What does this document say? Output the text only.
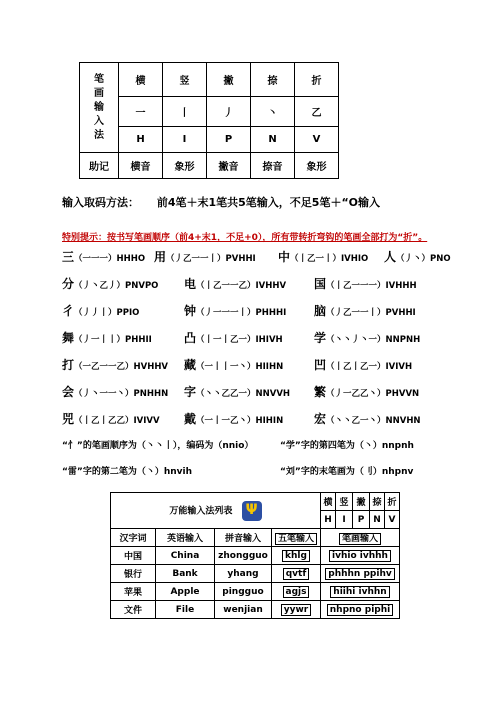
笔
画
输
入
法	横	竖	撇	捺	折
	一	丨	丿	丶	乙
	H	I	P	N	V
助记	横音	象形	撇音	捺音	象形
输入取码方法： 前4笔＋末1笔共5笔输入，不足5笔＋“O输入
特别提示：按书写笔画顺序（前4+末1，不足+0），所有带转折弯钩的笔画全部打为“折”。
三（一一一）HHHO 用（丿乙一一丨）PVHHI 中（丨乙一丨）IVHIO 人（丿丶）PNO
分（丿丶乙丿）PNVPO 电（丨乙一一乙）IVHHV 国（丨乙一一一）IVHHH
彳（丿丿丨）PPIO	钟（丿一一一丨）PHHHI 脑（丿乙一一丨）PVHHI
舞（丿一丨丨）PHHII	凸（丨一丨乙一）IHIVH	学（丶丶丿丶一）NNPNH
打（一乙一一乙）HVHHV 藏（一丨丨一丶）HIIHN	凹（丨乙丨乙一）IVIVH
会（丿丶一一丶）PNHHN 字（丶丶乙乙一）NNVVH 繁（丿一乙乙丶）PHVVN
兕（丨乙丨乙乙）IVIVV 戴（一丨一乙丶）HIHIN	宏（丶丶乙一丶）NNVHN
“忄”的笔画顺序为（丶丶丨），编码为（nnio）	“学”字的第四笔为（丶）nnpnh
“雷”字的第二笔为（丶）hnvih	“刘”字的末笔画为（刂）nhpnv
万能输入法列表 Ψ				横	竖	撇	捺	折
				H	I	P	N	V
汉字词	英语输入	拼音输入	五笔输入	笔画输入				
中国	China	zhongguo	khlg	ivhio ivhhh				
银行	Bank	yhang	qvtf	phhhn ppihv				
苹果	Apple	pingguo	agjs	hiihi ivhhn				
文件	File	wenjian	yywr	nhpno piphi				
